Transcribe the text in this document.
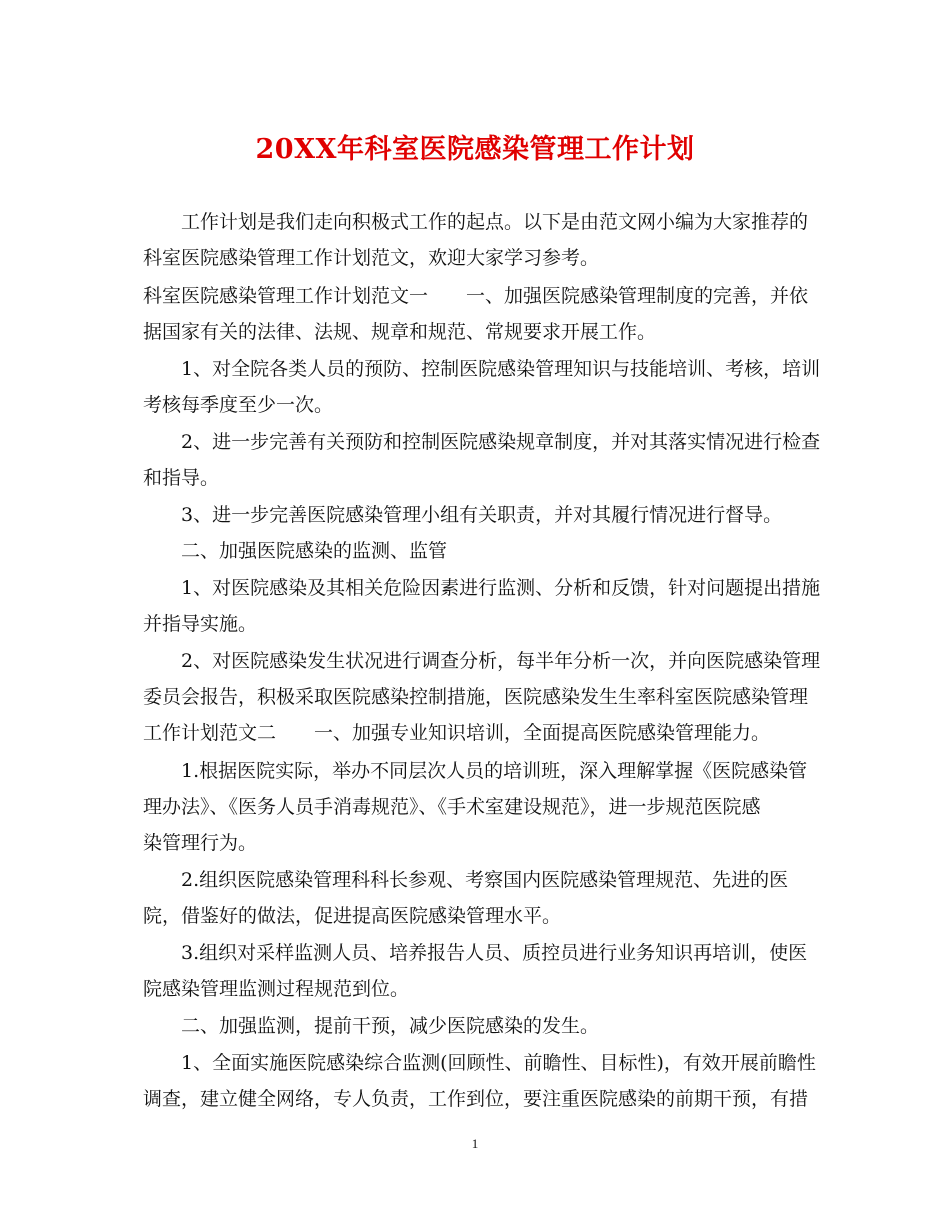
20XX年科室医院感染管理工作计划
工作计划是我们走向积极式工作的起点。以下是由范文网小编为大家推荐的
科室医院感染管理工作计划范文，欢迎大家学习参考。
科室医院感染管理工作计划范文一　　一、加强医院感染管理制度的完善，并依
据国家有关的法律、法规、规章和规范、常规要求开展工作。
1、对全院各类人员的预防、控制医院感染管理知识与技能培训、考核，培训
考核每季度至少一次。
2、进一步完善有关预防和控制医院感染规章制度，并对其落实情况进行检查
和指导。
3、进一步完善医院感染管理小组有关职责，并对其履行情况进行督导。
二、加强医院感染的监测、监管
1、对医院感染及其相关危险因素进行监测、分析和反馈，针对问题提出措施
并指导实施。
2、对医院感染发生状况进行调查分析，每半年分析一次，并向医院感染管理
委员会报告，积极采取医院感染控制措施，医院感染发生生率科室医院感染管理
工作计划范文二　　一、加强专业知识培训，全面提高医院感染管理能力。
1.根据医院实际，举办不同层次人员的培训班，深入理解掌握《医院感染管
理办法》、《医务人员手消毒规范》、《手术室建设规范》，进一步规范医院感
染管理行为。
2.组织医院感染管理科科长参观、考察国内医院感染管理规范、先进的医
院，借鉴好的做法，促进提高医院感染管理水平。
3.组织对采样监测人员、培养报告人员、质控员进行业务知识再培训，使医
院感染管理监测过程规范到位。
二、加强监测，提前干预，减少医院感染的发生。
1、全面实施医院感染综合监测(回顾性、前瞻性、目标性)，有效开展前瞻性
调查，建立健全网络，专人负责，工作到位，要注重医院感染的前期干预，有措
1
